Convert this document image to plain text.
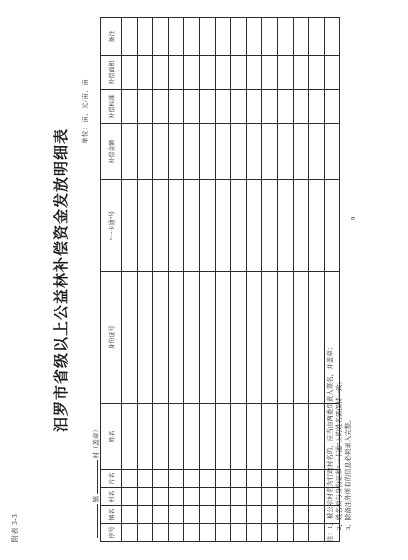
附表 3-3
汨罗市省级以上公益林补偿资金发放明细表
单位：亩、元/亩、亩
镇  村（盖章）
序号	镇名	村名	片名	姓名	身份证号	“一卡通”号	补偿金额	补偿标准	补偿面积	备注

注：1、被公示村名为行政村名的，应当由两委负责人签名，并盖章； 2、姓名须与身份证和“一卡通”上的姓名需保持一致； 3、除备注外所有的信息必须录入完整。
9
